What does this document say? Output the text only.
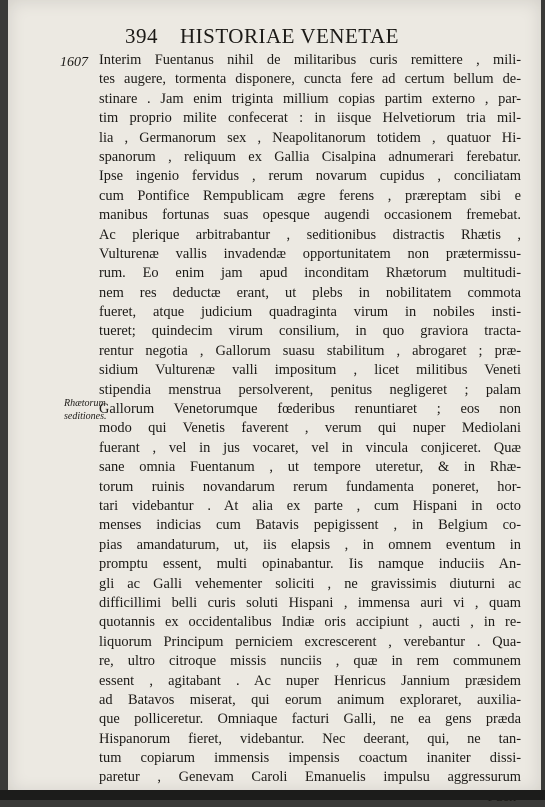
394 HISTORIAE VENETAE
1607
Rhætorum
seditiones.
Interim Fuentanus nihil de militaribus curis remittere , mili-
tes augere, tormenta disponere, cuncta fere ad certum bellum de-
stinare . Jam enim triginta millium copias partim externo , par-
tim proprio milite confecerat : in iisque Helvetiorum tria mil-
lia , Germanorum sex , Neapolitanorum totidem , quatuor Hi-
spanorum , reliquum ex Gallia Cisalpina adnumerari ferebatur.
Ipse ingenio fervidus , rerum novarum cupidus , conciliatam
cum Pontifice Rempublicam ægre ferens , præreptam sibi e
manibus fortunas suas opesque augendi occasionem fremebat.
Ac plerique arbitrabantur , seditionibus distractis Rhætis ,
Vulturenæ vallis invadendæ opportunitatem non prætermissu-
rum. Eo enim jam apud inconditam Rhætorum multitudi-
nem res deductæ erant, ut plebs in nobilitatem commota
fueret, atque judicium quadraginta virum in nobiles insti-
tueret; quindecim virum consilium, in quo graviora tracta-
rentur negotia , Gallorum suasu stabilitum , abrogaret ; præ-
sidium Vulturenæ valli impositum , licet militibus Veneti
stipendia menstrua persolverent, penitus negligeret ; palam
Gallorum Venetorumque fœderibus renuntiaret ; eos non
modo qui Venetis faverent , verum qui nuper Mediolani
fuerant , vel in jus vocaret, vel in vincula conjiceret. Quæ
sane omnia Fuentanum , ut tempore uteretur, & in Rhæ-
torum ruinis novandarum rerum fundamenta poneret, hor-
tari videbantur . At alia ex parte , cum Hispani in octo
menses indicias cum Batavis pepigissent , in Belgium co-
pias amandaturum, ut, iis elapsis , in omnem eventum in
promptu essent, multi opinabantur. Iis namque induciis An-
gli ac Galli vehementer soliciti , ne gravissimis diuturni ac
difficillimi belli curis soluti Hispani , immensa auri vi , quam
quotannis ex occidentalibus Indiæ oris accipiunt , aucti , in re-
liquorum Principum perniciem excrescerent , verebantur . Qua-
re, ultro citroque missis nunciis , quæ in rem communem
essent , agitabant . Ac nuper Henricus Jannium præsidem
ad Batavos miserat, qui eorum animum exploraret, auxilia-
que polliceretur. Omniaque facturi Galli, ne ea gens præda
Hispanorum fieret, videbantur. Nec deerant, qui, ne tan-
tum copiarum immensis impensis coactum inaniter dissi-
paretur , Genevam Caroli Emanuelis impulsu aggressurum
